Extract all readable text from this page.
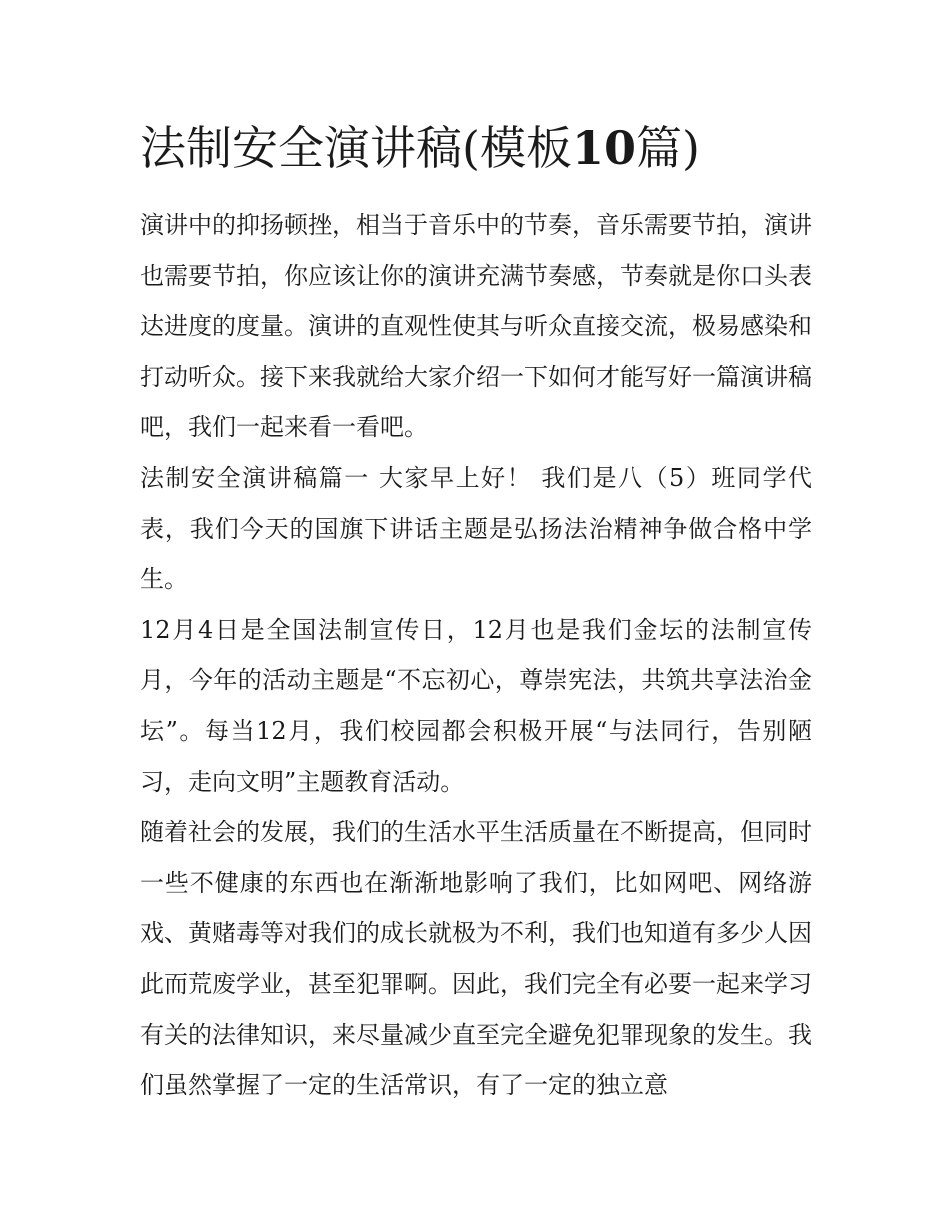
法制安全演讲稿(模板10篇)

演讲中的抑扬顿挫，相当于音乐中的节奏，音乐需要节拍，演讲也需要节拍，你应该让你的演讲充满节奏感，节奏就是你口头表达进度的度量。演讲的直观性使其与听众直接交流，极易感染和打动听众。接下来我就给大家介绍一下如何才能写好一篇演讲稿吧，我们一起来看一看吧。

法制安全演讲稿篇一 大家早上好！ 我们是八（5）班同学代表，我们今天的国旗下讲话主题是弘扬法治精神争做合格中学生。

12月4日是全国法制宣传日，12月也是我们金坛的法制宣传月，今年的活动主题是“不忘初心，尊崇宪法，共筑共享法治金坛”。每当12月，我们校园都会积极开展“与法同行，告别陋习，走向文明”主题教育活动。

随着社会的发展，我们的生活水平生活质量在不断提高，但同时一些不健康的东西也在渐渐地影响了我们，比如网吧、网络游戏、黄赌毒等对我们的成长就极为不利，我们也知道有多少人因此而荒废学业，甚至犯罪啊。因此，我们完全有必要一起来学习有关的法律知识，来尽量减少直至完全避免犯罪现象的发生。我们虽然掌握了一定的生活常识，有了一定的独立意
